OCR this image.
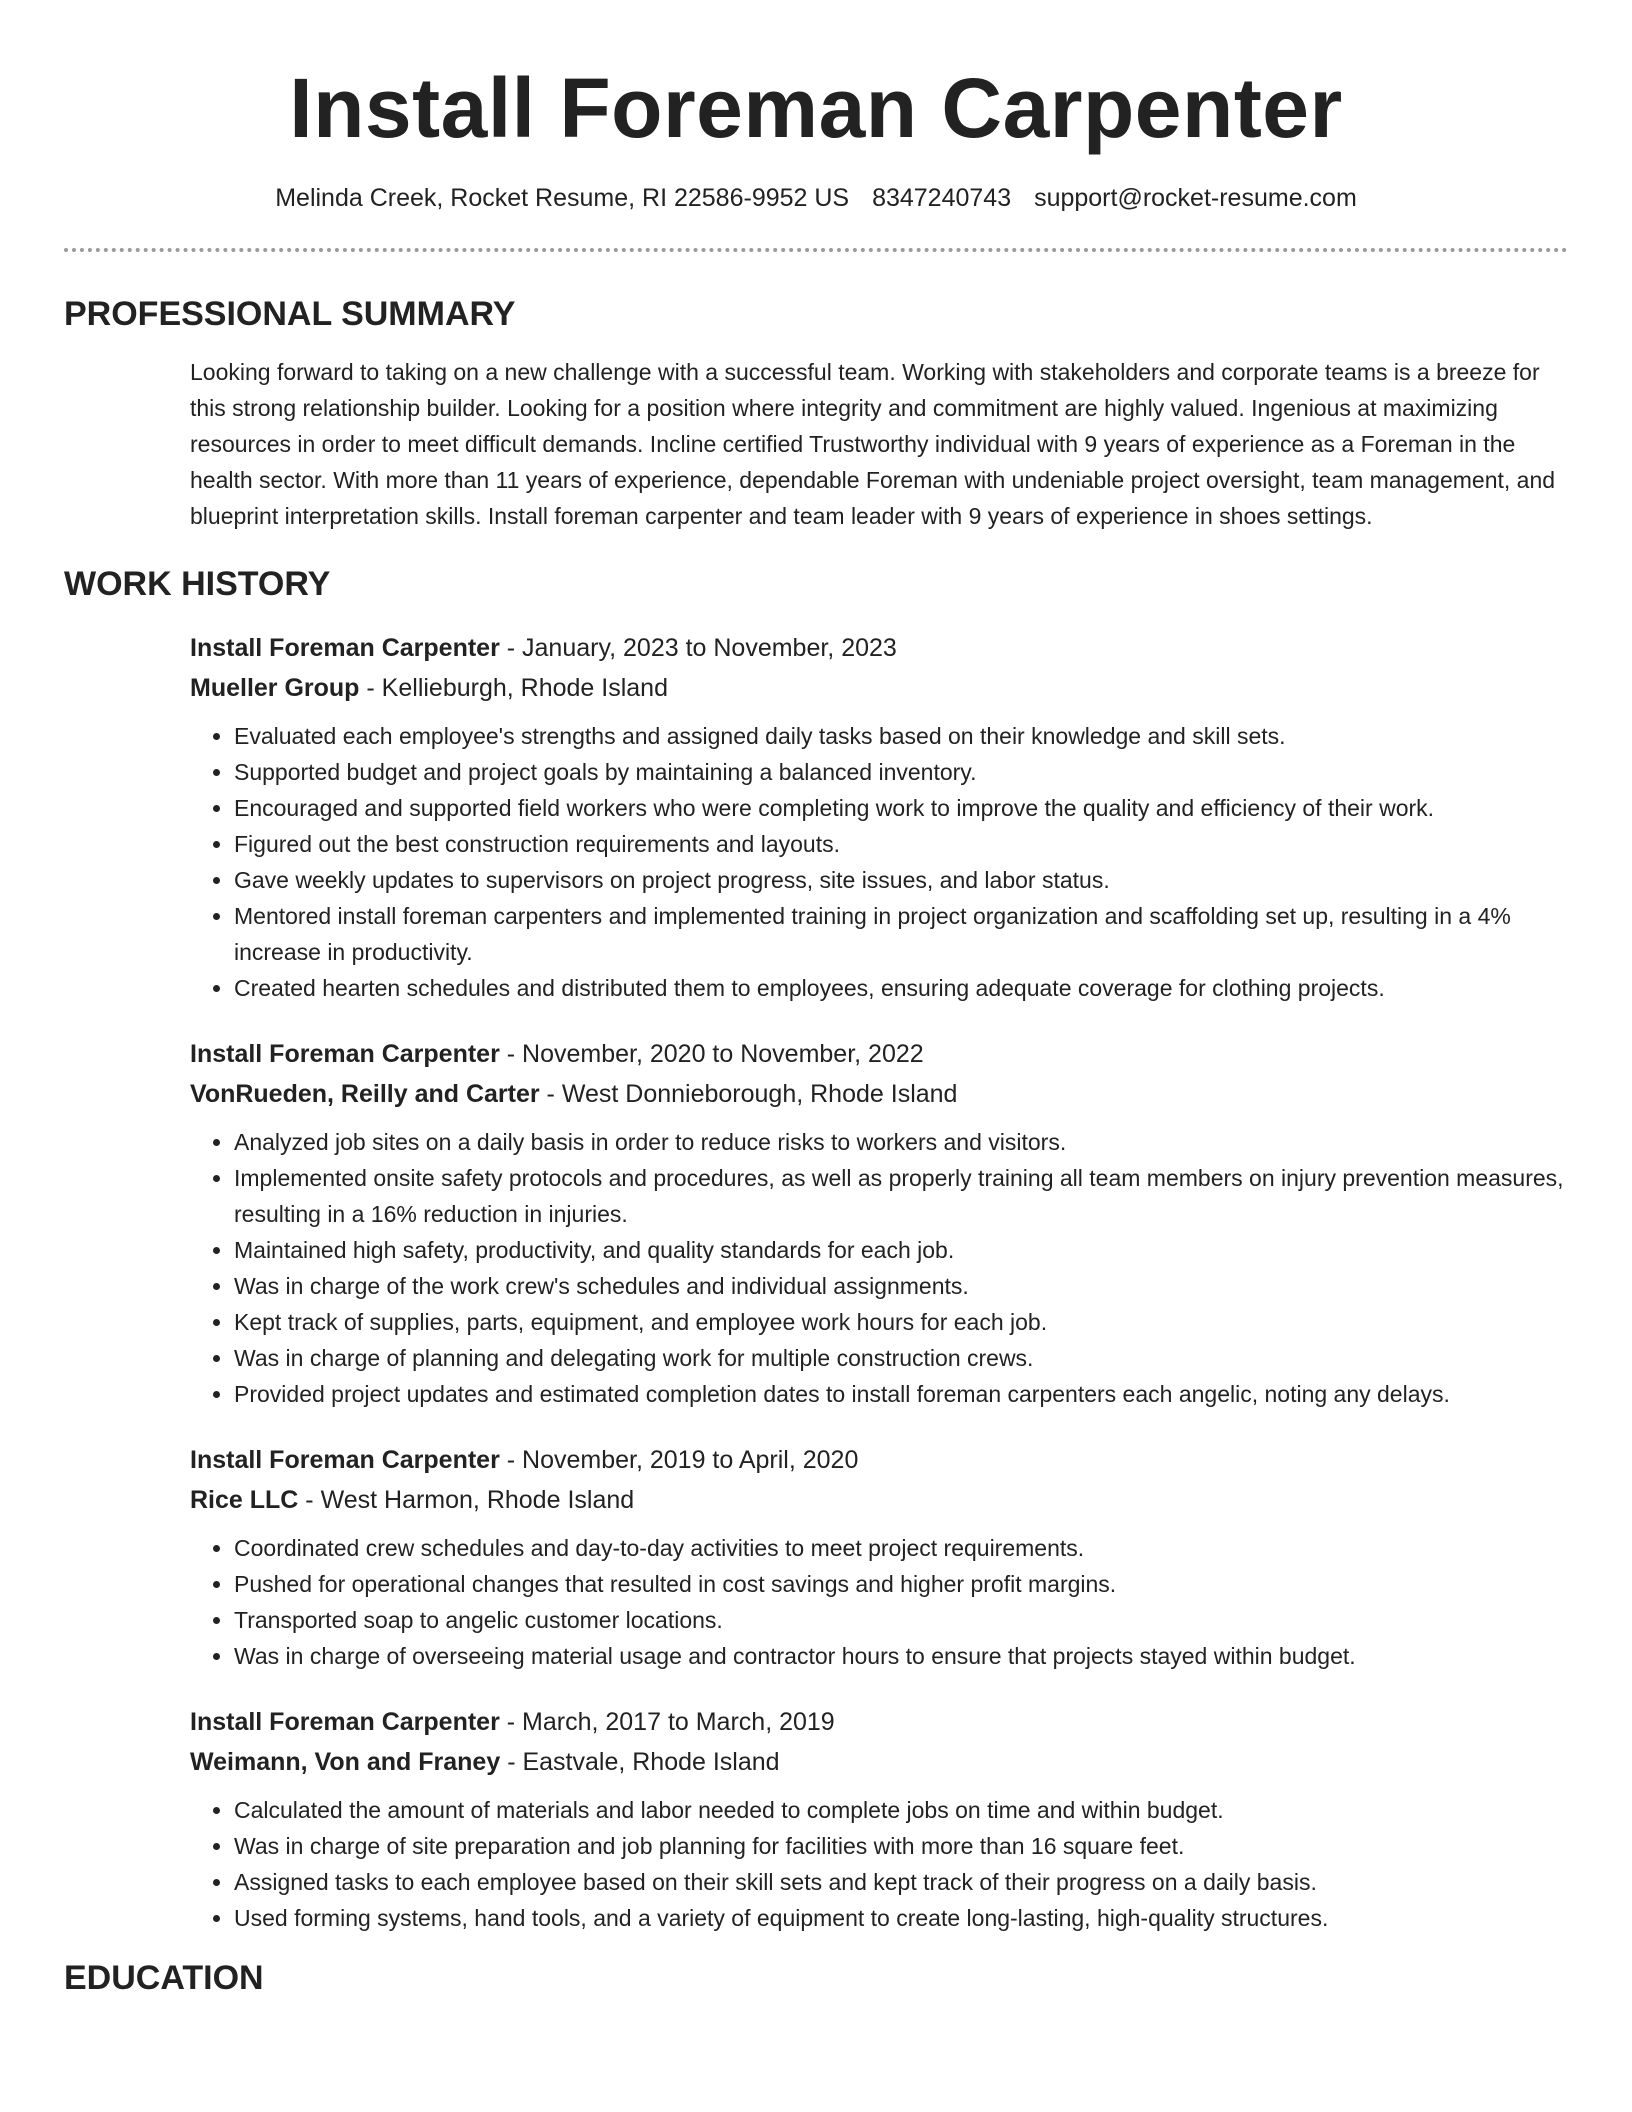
Install Foreman Carpenter
Melinda Creek, Rocket Resume, RI 22586-9952 US 8347240743 support@rocket-resume.com
PROFESSIONAL SUMMARY

Looking forward to taking on a new challenge with a successful team. Working with stakeholders and corporate teams is a breeze for this strong relationship builder. Looking for a position where integrity and commitment are highly valued. Ingenious at maximizing resources in order to meet difficult demands. Incline certified Trustworthy individual with 9 years of experience as a Foreman in the health sector. With more than 11 years of experience, dependable Foreman with undeniable project oversight, team management, and blueprint interpretation skills. Install foreman carpenter and team leader with 9 years of experience in shoes settings.

WORK HISTORY
Install Foreman Carpenter - January, 2023 to November, 2023
Mueller Group - Kellieburgh, Rhode Island
• Evaluated each employee's strengths and assigned daily tasks based on their knowledge and skill sets.
• Supported budget and project goals by maintaining a balanced inventory.
• Encouraged and supported field workers who were completing work to improve the quality and efficiency of their work.
• Figured out the best construction requirements and layouts.
• Gave weekly updates to supervisors on project progress, site issues, and labor status.
• Mentored install foreman carpenters and implemented training in project organization and scaffolding set up, resulting in a 4% increase in productivity.
• Created hearten schedules and distributed them to employees, ensuring adequate coverage for clothing projects.
Install Foreman Carpenter - November, 2020 to November, 2022
VonRueden, Reilly and Carter - West Donnieborough, Rhode Island
• Analyzed job sites on a daily basis in order to reduce risks to workers and visitors.
• Implemented onsite safety protocols and procedures, as well as properly training all team members on injury prevention measures, resulting in a 16% reduction in injuries.
• Maintained high safety, productivity, and quality standards for each job.
• Was in charge of the work crew's schedules and individual assignments.
• Kept track of supplies, parts, equipment, and employee work hours for each job.
• Was in charge of planning and delegating work for multiple construction crews.
• Provided project updates and estimated completion dates to install foreman carpenters each angelic, noting any delays.
Install Foreman Carpenter - November, 2019 to April, 2020
Rice LLC - West Harmon, Rhode Island
• Coordinated crew schedules and day-to-day activities to meet project requirements.
• Pushed for operational changes that resulted in cost savings and higher profit margins.
• Transported soap to angelic customer locations.
• Was in charge of overseeing material usage and contractor hours to ensure that projects stayed within budget.
Install Foreman Carpenter - March, 2017 to March, 2019
Weimann, Von and Franey - Eastvale, Rhode Island
• Calculated the amount of materials and labor needed to complete jobs on time and within budget.
• Was in charge of site preparation and job planning for facilities with more than 16 square feet.
• Assigned tasks to each employee based on their skill sets and kept track of their progress on a daily basis.
• Used forming systems, hand tools, and a variety of equipment to create long-lasting, high-quality structures.
EDUCATION
